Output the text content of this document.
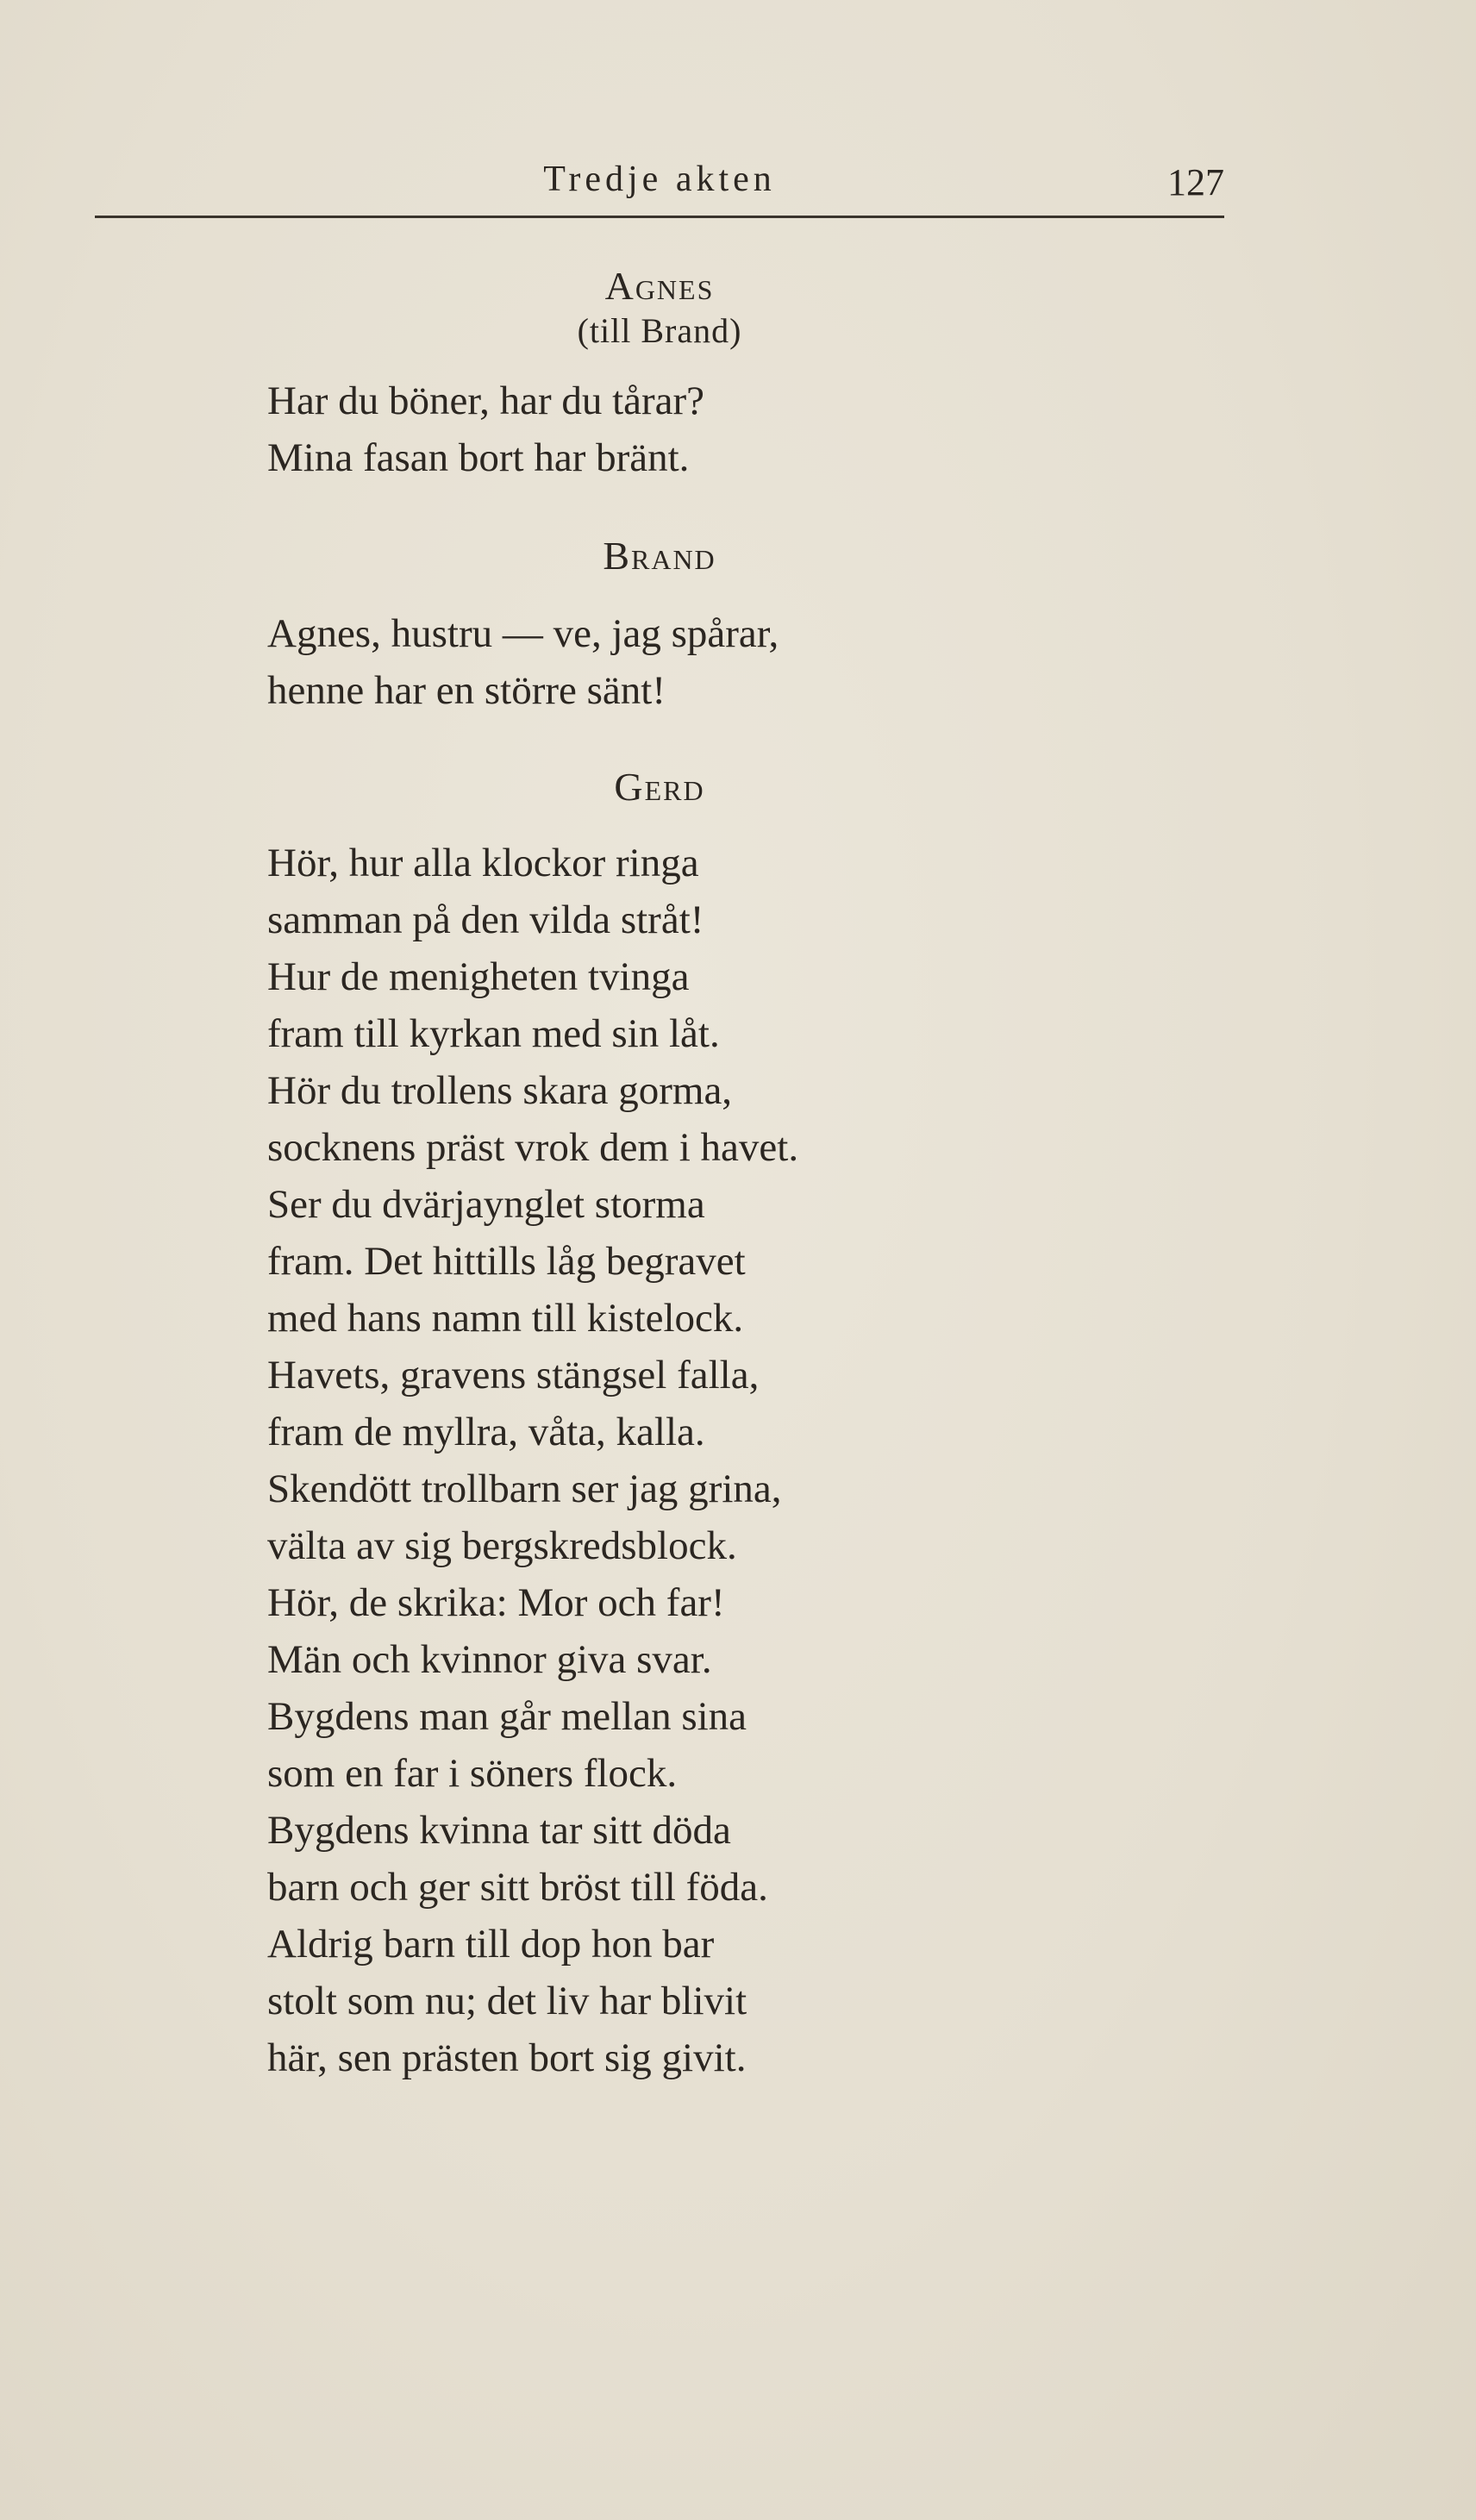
Tredje akten	127
Agnes
(till Brand)
Har du böner, har du tårar?
Mina fasan bort har bränt.
Brand
Agnes, hustru — ve, jag spårar,
henne har en större sänt!
Gerd
Hör, hur alla klockor ringa
samman på den vilda stråt!
Hur de menigheten tvinga
fram till kyrkan med sin låt.
Hör du trollens skara gorma,
socknens präst vrok dem i havet.
Ser du dvärjaynglet storma
fram. Det hittills låg begravet
med hans namn till kistelock.
Havets, gravens stängsel falla,
fram de myllra, våta, kalla.
Skendött trollbarn ser jag grina,
välta av sig bergskredsblock.
Hör, de skrika: Mor och far!
Män och kvinnor giva svar.
Bygdens man går mellan sina
som en far i söners flock.
Bygdens kvinna tar sitt döda
barn och ger sitt bröst till föda.
Aldrig barn till dop hon bar
stolt som nu; det liv har blivit
här, sen prästen bort sig givit.
